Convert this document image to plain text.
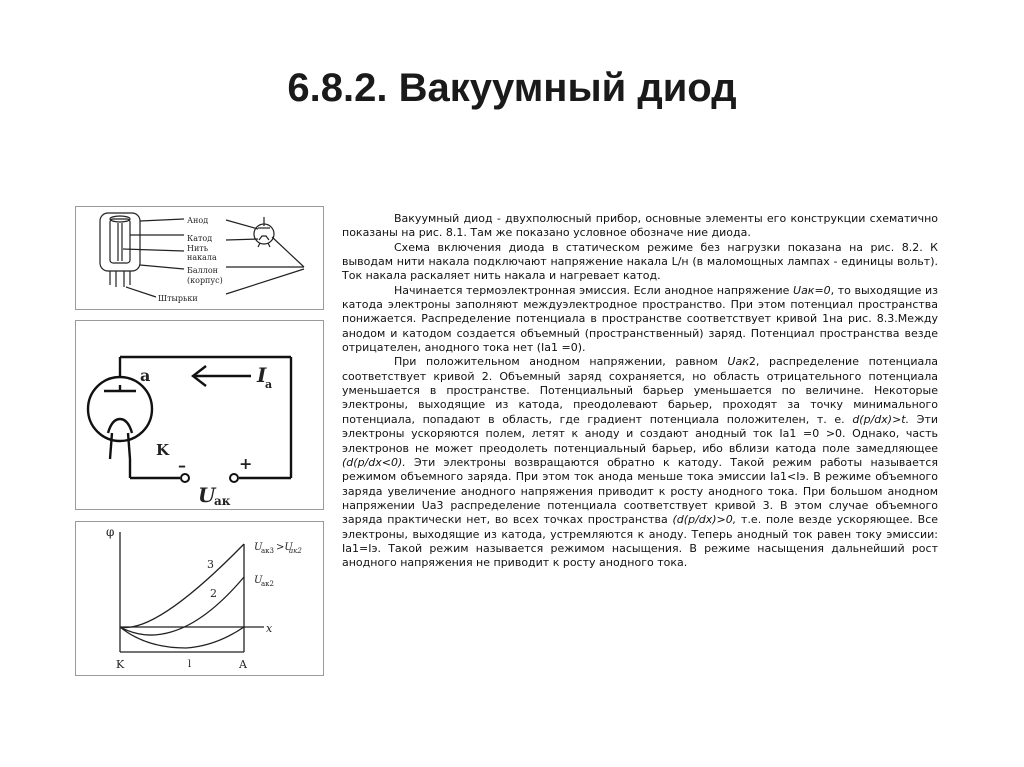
6.8.2. Вакуумный диод
Анод
Катод
Нить
накала
Баллон
(корпус)
Штырьки
a	I
a
K
–	+
U
ак
φ
3
2
U
ак3 >U
ак2
U
ак2
x
K	l	A

Вакуумный диод - двухполюсный прибор, основные элементы его конструкции схематично показаны на рис. 8.1. Там же показано условное обозначе ние диода.

Схема включения диода в статическом режиме без нагрузки показана на рис. 8.2. К выводам нити накала подключают напряжение накала L/н (в маломощных лампах - единицы вольт). Ток накала раскаляет нить накала и нагревает катод.

Начинается термоэлектронная эмиссия. Если анодное напряжение Uак=0, то выходящие из катода электроны заполняют междуэлектродное пространство. При этом потенциал пространства понижается. Распределение потенциала в пространстве соответствует кривой 1на рис. 8.3.Между анодом и катодом создается объемный (пространственный) заряд. Потенциал пространства везде отрицателен, анодного тока нет (Ia1 =0).

При положительном анодном напряжении, равном Uак2, распределение потенциала соответствует кривой 2. Объемный заряд сохраняется, но область отрицательного потенциала уменьшается в пространстве. Потенциальный барьер уменьшается по величине. Некоторые электроны, выходящие из катода, преодолевают барьер, проходят за точку минимального потенциала, попадают в область, где градиент потенциала положителен, т. е. d(p/dx)>t. Эти электроны ускоряются полем, летят к аноду и создают анодный ток Ia1 =0 >0. Однако, часть электронов не может преодолеть потенциальный барьер, ибо вблизи катода поле замедляющее (d(p/dx<0). Эти электроны возвращаются обратно к катоду. Такой режим работы называется режимом объемного заряда. При этом ток анода меньше тока эмиссии Ia1<Iэ. В режиме объемного заряда увеличение анодного напряжения приводит к росту анодного тока. При большом анодном напряжении Ua3 распределение потенциала соответствует кривой 3. В этом случае объемного заряда практически нет, во всех точках пространства (d(p/dx)>0, т.е. поле везде ускоряющее. Все электроны, выходящие из катода, устремляются к аноду. Теперь анодный ток равен току эмиссии: Ia1=Iэ. Такой режим называется режимом насыщения. В режиме насыщения дальнейший рост анодного напряжения не приводит к росту анодного тока.
